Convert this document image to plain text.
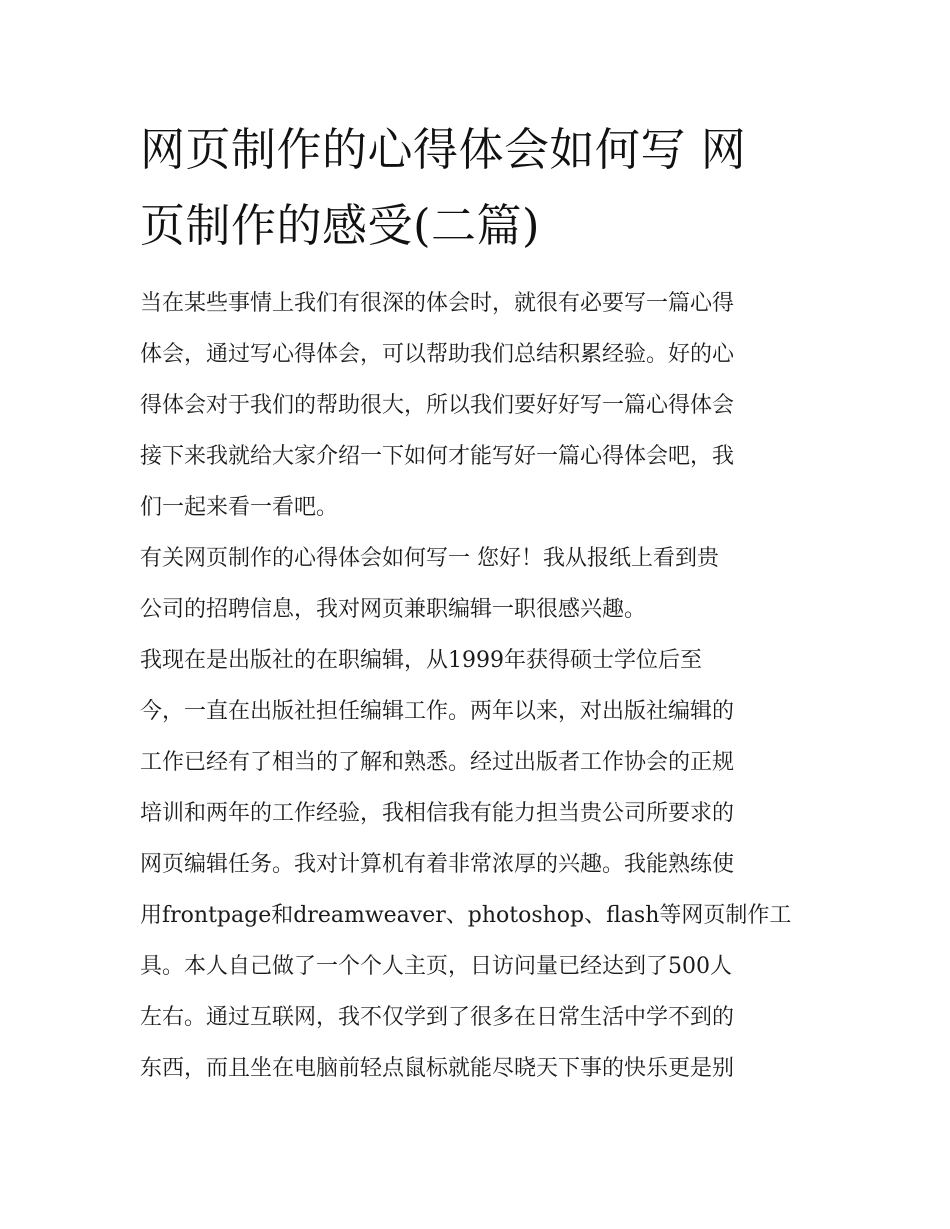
网页制作的心得体会如何写 网
页制作的感受(二篇)

当在某些事情上我们有很深的体会时，就很有必要写一篇心得
体会，通过写心得体会，可以帮助我们总结积累经验。好的心
得体会对于我们的帮助很大，所以我们要好好写一篇心得体会
接下来我就给大家介绍一下如何才能写好一篇心得体会吧，我
们一起来看一看吧。

有关网页制作的心得体会如何写一 您好！我从报纸上看到贵
公司的招聘信息，我对网页兼职编辑一职很感兴趣。

我现在是出版社的在职编辑，从1999年获得硕士学位后至
今，一直在出版社担任编辑工作。两年以来，对出版社编辑的
工作已经有了相当的了解和熟悉。经过出版者工作协会的正规
培训和两年的工作经验，我相信我有能力担当贵公司所要求的
网页编辑任务。我对计算机有着非常浓厚的兴趣。我能熟练使
用frontpage和dreamweaver、photoshop、flash等网页制作工
具。本人自己做了一个个人主页，日访问量已经达到了500人
左右。通过互联网，我不仅学到了很多在日常生活中学不到的
东西，而且坐在电脑前轻点鼠标就能尽晓天下事的快乐更是别
